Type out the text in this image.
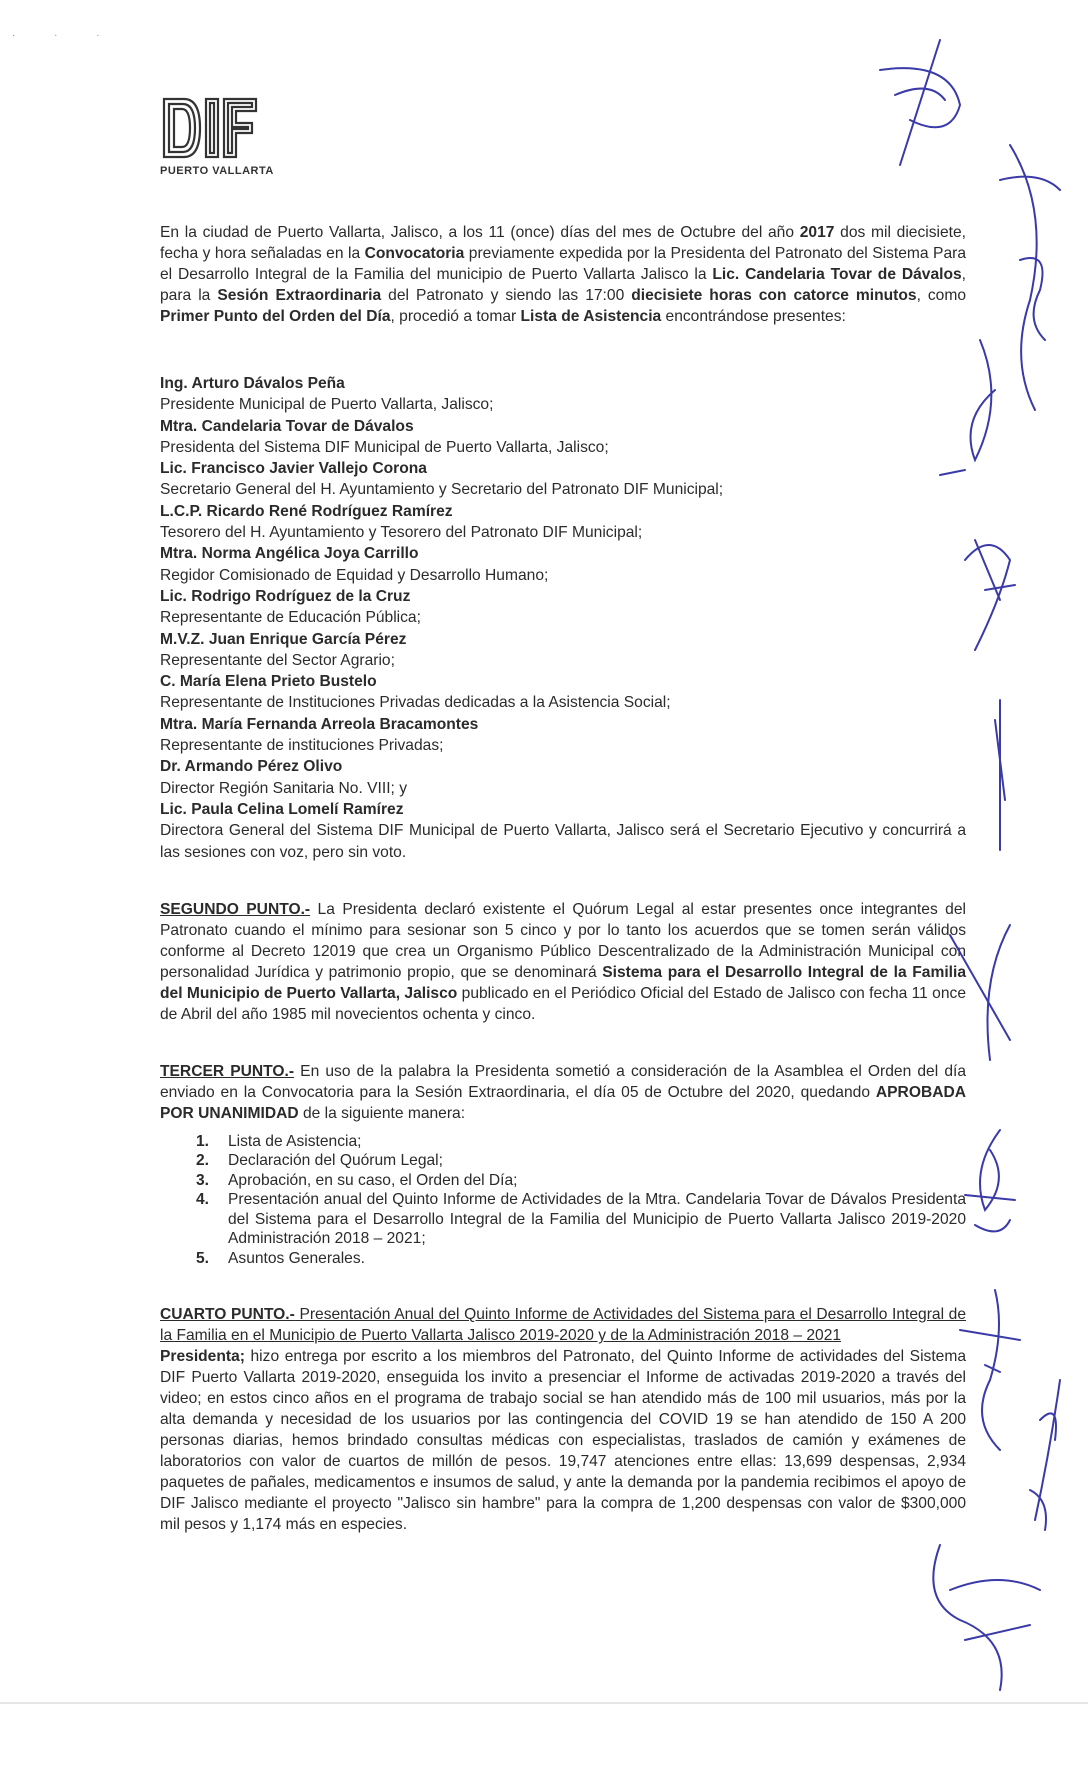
· · ·
PUERTO VALLARTA

En la ciudad de Puerto Vallarta, Jalisco, a los 11 (once) días del mes de Octubre del año 2017 dos mil diecisiete, fecha y hora señaladas en la Convocatoria previamente expedida por la Presidenta del Patronato del Sistema Para el Desarrollo Integral de la Familia del municipio de Puerto Vallarta Jalisco la Lic. Candelaria Tovar de Dávalos, para la Sesión Extraordinaria del Patronato y siendo las 17:00 diecisiete horas con catorce minutos, como Primer Punto del Orden del Día, procedió a tomar Lista de Asistencia encontrándose presentes:

Ing. Arturo Dávalos Peña
Presidente Municipal de Puerto Vallarta, Jalisco;
Mtra. Candelaria Tovar de Dávalos
Presidenta del Sistema DIF Municipal de Puerto Vallarta, Jalisco;
Lic. Francisco Javier Vallejo Corona
Secretario General del H. Ayuntamiento y Secretario del Patronato DIF Municipal;
L.C.P. Ricardo René Rodríguez Ramírez
Tesorero del H. Ayuntamiento y Tesorero del Patronato DIF Municipal;
Mtra. Norma Angélica Joya Carrillo
Regidor Comisionado de Equidad y Desarrollo Humano;
Lic. Rodrigo Rodríguez de la Cruz
Representante de Educación Pública;
M.V.Z. Juan Enrique García Pérez
Representante del Sector Agrario;
C. María Elena Prieto Bustelo
Representante de Instituciones Privadas dedicadas a la Asistencia Social;
Mtra. María Fernanda Arreola Bracamontes
Representante de instituciones Privadas;
Dr. Armando Pérez Olivo
Director Región Sanitaria No. VIII; y
Lic. Paula Celina Lomelí Ramírez
Directora General del Sistema DIF Municipal de Puerto Vallarta, Jalisco será el Secretario Ejecutivo y concurrirá a las sesiones con voz, pero sin voto.

SEGUNDO PUNTO.- La Presidenta declaró existente el Quórum Legal al estar presentes once integrantes del Patronato cuando el mínimo para sesionar son 5 cinco y por lo tanto los acuerdos que se tomen serán válidos conforme al Decreto 12019 que crea un Organismo Público Descentralizado de la Administración Municipal con personalidad Jurídica y patrimonio propio, que se denominará Sistema para el Desarrollo Integral de la Familia del Municipio de Puerto Vallarta, Jalisco publicado en el Periódico Oficial del Estado de Jalisco con fecha 11 once de Abril del año 1985 mil novecientos ochenta y cinco.

TERCER PUNTO.- En uso de la palabra la Presidenta sometió a consideración de la Asamblea el Orden del día enviado en la Convocatoria para la Sesión Extraordinaria, el día 05 de Octubre del 2020, quedando APROBADA POR UNANIMIDAD de la siguiente manera:

1. Lista de Asistencia;
2. Declaración del Quórum Legal;
3. Aprobación, en su caso, el Orden del Día;
4. Presentación anual del Quinto Informe de Actividades de la Mtra. Candelaria Tovar de Dávalos Presidenta del Sistema para el Desarrollo Integral de la Familia del Municipio de Puerto Vallarta Jalisco 2019-2020 Administración 2018 – 2021;
5. Asuntos Generales.

CUARTO PUNTO.- Presentación Anual del Quinto Informe de Actividades del Sistema para el Desarrollo Integral de la Familia en el Municipio de Puerto Vallarta Jalisco 2019-2020 y de la Administración 2018 – 2021

Presidenta; hizo entrega por escrito a los miembros del Patronato, del Quinto Informe de actividades del Sistema DIF Puerto Vallarta 2019-2020, enseguida los invito a presenciar el Informe de activadas 2019-2020 a través del video; en estos cinco años en el programa de trabajo social se han atendido más de 100 mil usuarios, más por la alta demanda y necesidad de los usuarios por las contingencia del COVID 19 se han atendido de 150 A 200 personas diarias, hemos brindado consultas médicas con especialistas, traslados de camión y exámenes de laboratorios con valor de cuartos de millón de pesos. 19,747 atenciones entre ellas: 13,699 despensas, 2,934 paquetes de pañales, medicamentos e insumos de salud, y ante la demanda por la pandemia recibimos el apoyo de DIF Jalisco mediante el proyecto "Jalisco sin hambre" para la compra de 1,200 despensas con valor de $300,000 mil pesos y 1,174 más en especies.
